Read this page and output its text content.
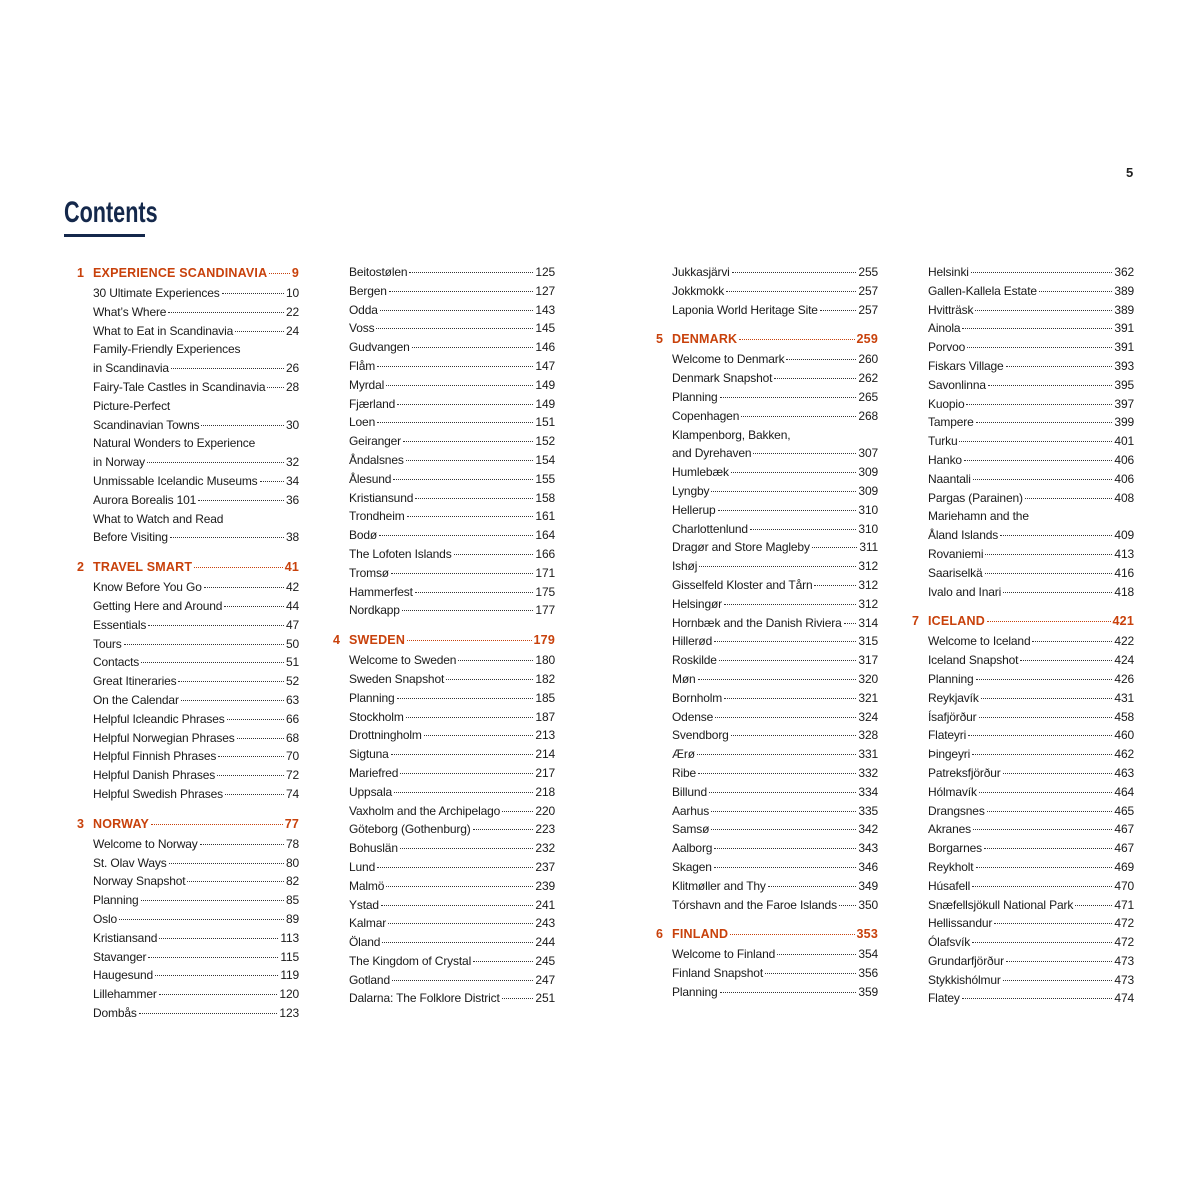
5
Contents
1 EXPERIENCE SCANDINAVIA 9
30 Ultimate Experiences	10
What’s Where	22
What to Eat in Scandinavia	24
Family-Friendly Experiences
in Scandinavia	26
Fairy-Tale Castles in Scandinavia 28
Picture-Perfect
Scandinavian Towns	30
Natural Wonders to Experience
in Norway	32
Unmissable Icelandic Museums 34
Aurora Borealis 101	36
What to Watch and Read
Before Visiting	38
2 TRAVEL SMART	41
Know Before You Go	42
Getting Here and Around	44
Essentials	47
Tours	50
Contacts	51
Great Itineraries	52
On the Calendar	63
Helpful Icleandic Phrases	66
Helpful Norwegian Phrases	68
Helpful Finnish Phrases	70
Helpful Danish Phrases	72
Helpful Swedish Phrases	74
3 NORWAY	77
Welcome to Norway	78
St. Olav Ways	80
Norway Snapshot	82
Planning	85
Oslo	89
Kristiansand	113
Stavanger	115
Haugesund	119
Lillehammer	120
Dombås	123
Beitostølen	125
Bergen	127
Odda	143
Voss	145
Gudvangen	146
Flåm	147
Myrdal	149
Fjærland	149
Loen	151
Geiranger	152
Åndalsnes	154
Ålesund	155
Kristiansund	158
Trondheim	161
Bodø	164
The Lofoten Islands	166
Tromsø	171
Hammerfest	175
Nordkapp	177
4 SWEDEN	179
Welcome to Sweden	180
Sweden Snapshot	182
Planning	185
Stockholm	187
Drottningholm	213
Sigtuna	214
Mariefred	217
Uppsala	218
Vaxholm and the Archipelago	220
Göteborg (Gothenburg)	223
Bohuslän	232
Lund	237
Malmö	239
Ystad	241
Kalmar	243
Öland	244
The Kingdom of Crystal	245
Gotland	247
Dalarna: The Folklore District	251
Jukkasjärvi	255
Jokkmokk	257
Laponia World Heritage Site	257
5 DENMARK	259
Welcome to Denmark	260
Denmark Snapshot	262
Planning	265
Copenhagen	268
Klampenborg, Bakken,
and Dyrehaven	307
Humlebæk	309
Lyngby	309
Hellerup	310
Charlottenlund	310
Dragør and Store Magleby	311
Ishøj	312
Gisselfeld Kloster and Tårn	312
Helsingør	312
Hornbæk and the Danish Riviera 314
Hillerød	315
Roskilde	317
Møn	320
Bornholm	321
Odense	324
Svendborg	328
Ærø	331
Ribe	332
Billund	334
Aarhus	335
Samsø	342
Aalborg	343
Skagen	346
Klitmøller and Thy	349
Tórshavn and the Faroe Islands 350
6 FINLAND	353
Welcome to Finland	354
Finland Snapshot	356
Planning	359
Helsinki	362
Gallen-Kallela Estate	389
Hvitträsk	389
Ainola	391
Porvoo	391
Fiskars Village	393
Savonlinna	395
Kuopio	397
Tampere	399
Turku	401
Hanko	406
Naantali	406
Pargas (Parainen)	408
Mariehamn and the
Åland Islands	409
Rovaniemi	413
Saariselkä	416
Ivalo and Inari	418
7 ICELAND	421
Welcome to Iceland	422
Iceland Snapshot	424
Planning	426
Reykjavík	431
Ísafjörður	458
Flateyri	460
Þingeyri	462
Patreksfjörður	463
Hólmavík	464
Drangsnes	465
Akranes	467
Borgarnes	467
Reykholt	469
Húsafell	470
Snæfellsjökull National Park	471
Hellissandur	472
Ólafsvík	472
Grundarfjörður	473
Stykkishólmur	473
Flatey	474
